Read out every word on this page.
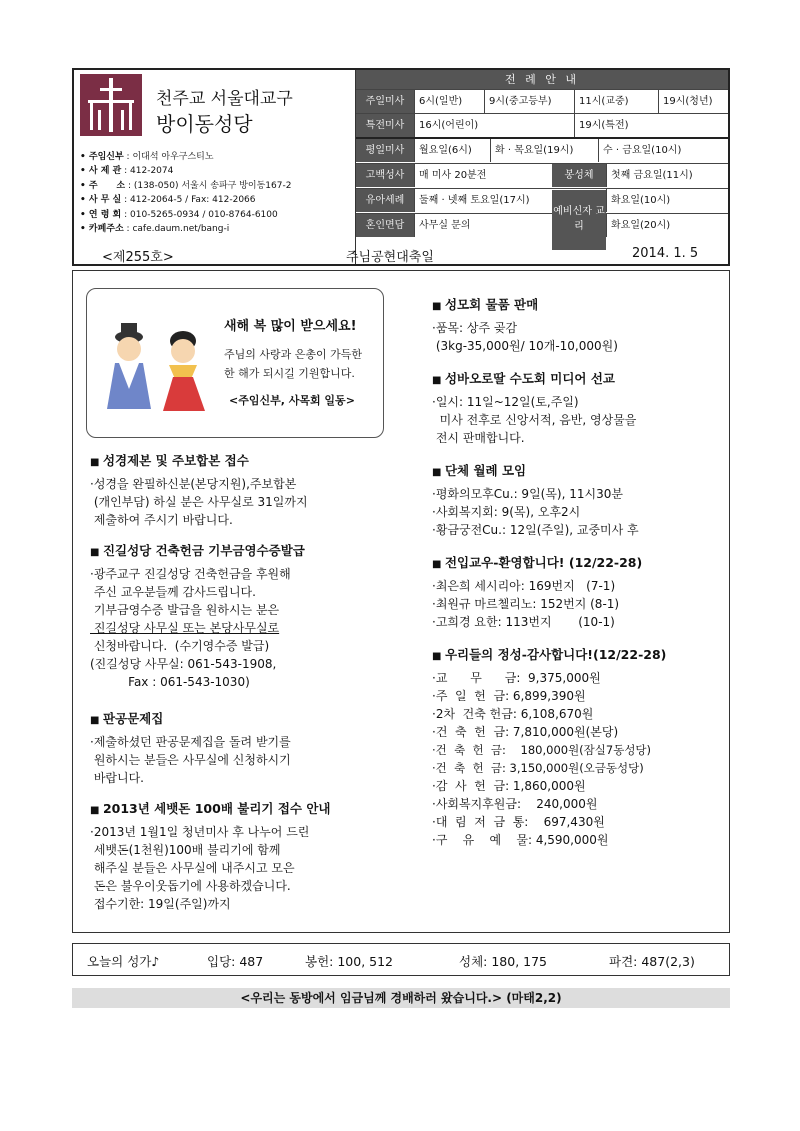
천주교 서울대교구
방이동성당
• 주임신부 : 이대석 아우구스티노
• 사 제 관 : 412-2074
• 주      소 : (138-050) 서울시 송파구 방이동167-2
• 사 무 실 : 412-2064-5 / Fax: 412-2066
• 연 령 회 : 010-5265-0934 / 010-8764-6100
• 카페주소 : cafe.daum.net/bang-i
전 례 안 내
주일미사	6시(일반)	9시(중고등부)	11시(교중)	19시(청년)
특전미사	16시(어린이)	19시(특전)
평일미사	월요일(6시)	화 · 목요일(19시)	수 · 금요일(10시)
고백성사	매 미사 20분전	봉성체	첫째 금요일(11시)
유아세례	둘째 · 넷째 토요일(17시)	화요일(10시)
혼인면담	사무실 문의	화요일(20시)
예비신자 교 리
<제255호>	주님공현대축일	2014. 1. 5
새해 복 많이 받으세요!
주님의 사랑과 은총이 가득한
한 해가 되시길 기원합니다.
<주임신부, 사목회 일동>
■ 성경제본 및 주보합본 접수
·성경을 완필하신분(본당지원),주보합본
(개인부담) 하실 분은 사무실로 31일까지
제출하여 주시기 바랍니다.
■ 진길성당 건축헌금 기부금영수증발급
·광주교구 진길성당 건축헌금을 후원해
주신 교우분들께 감사드립니다.
기부금영수증 발급을 원하시는 분은
진길성당 사무실 또는 본당사무실로
신청바랍니다.  (수기영수증 발급)
(진길성당 사무실: 061-543-1908,
Fax : 061-543-1030)
■ 판공문제집
·제출하셨던 판공문제집을 돌려 받기를
원하시는 분들은 사무실에 신청하시기
바랍니다.
■ 2013년 세뱃돈 100배 불리기 접수 안내
·2013년 1월1일 청년미사 후 나누어 드린
세뱃돈(1천원)100배 불리기에 함께
해주실 분들은 사무실에 내주시고 모은
돈은 불우이웃돕기에 사용하겠습니다.
접수기한: 19일(주일)까지
■ 성모회 물품 판매
·품목: 상주 곶감
(3kg-35,000원/ 10개-10,000원)
■ 성바오로딸 수도회 미디어 선교
·일시: 11일~12일(토,주일)
미사 전후로 신앙서적, 음반, 영상물을
전시 판매합니다.
■ 단체 월례 모임
·평화의모후Cu.: 9일(목), 11시30분
·사회복지회: 9(목), 오후2시
·황금궁전Cu.: 12일(주일), 교중미사 후
■ 전입교우-환영합니다! (12/22-28)
·최은희 세시리아: 169번지   (7-1)
·최원규 마르첼리노: 152번지 (8-1)
·고희경 요한: 113번지       (10-1)
■ 우리들의 정성-감사합니다!(12/22-28)
·교      무      금:  9,375,000원
·주  일  헌  금: 6,899,390원
·2차  건축 헌금: 6,108,670원
·건  축  헌  금: 7,810,000원(본당)
·건  축  헌  금:    180,000원(잠실7동성당)
·건  축  헌  금: 3,150,000원(오금동성당)
·감  사  헌  금: 1,860,000원
·사회복지후원금:    240,000원
·대  림  저  금  통:    697,430원
·구    유    예    물: 4,590,000원
오늘의 성가♪	입당: 487	봉헌: 100, 512	성체: 180, 175	파견: 487(2,3)
<우리는 동방에서 임금님께 경배하러 왔습니다.> (마태2,2)
